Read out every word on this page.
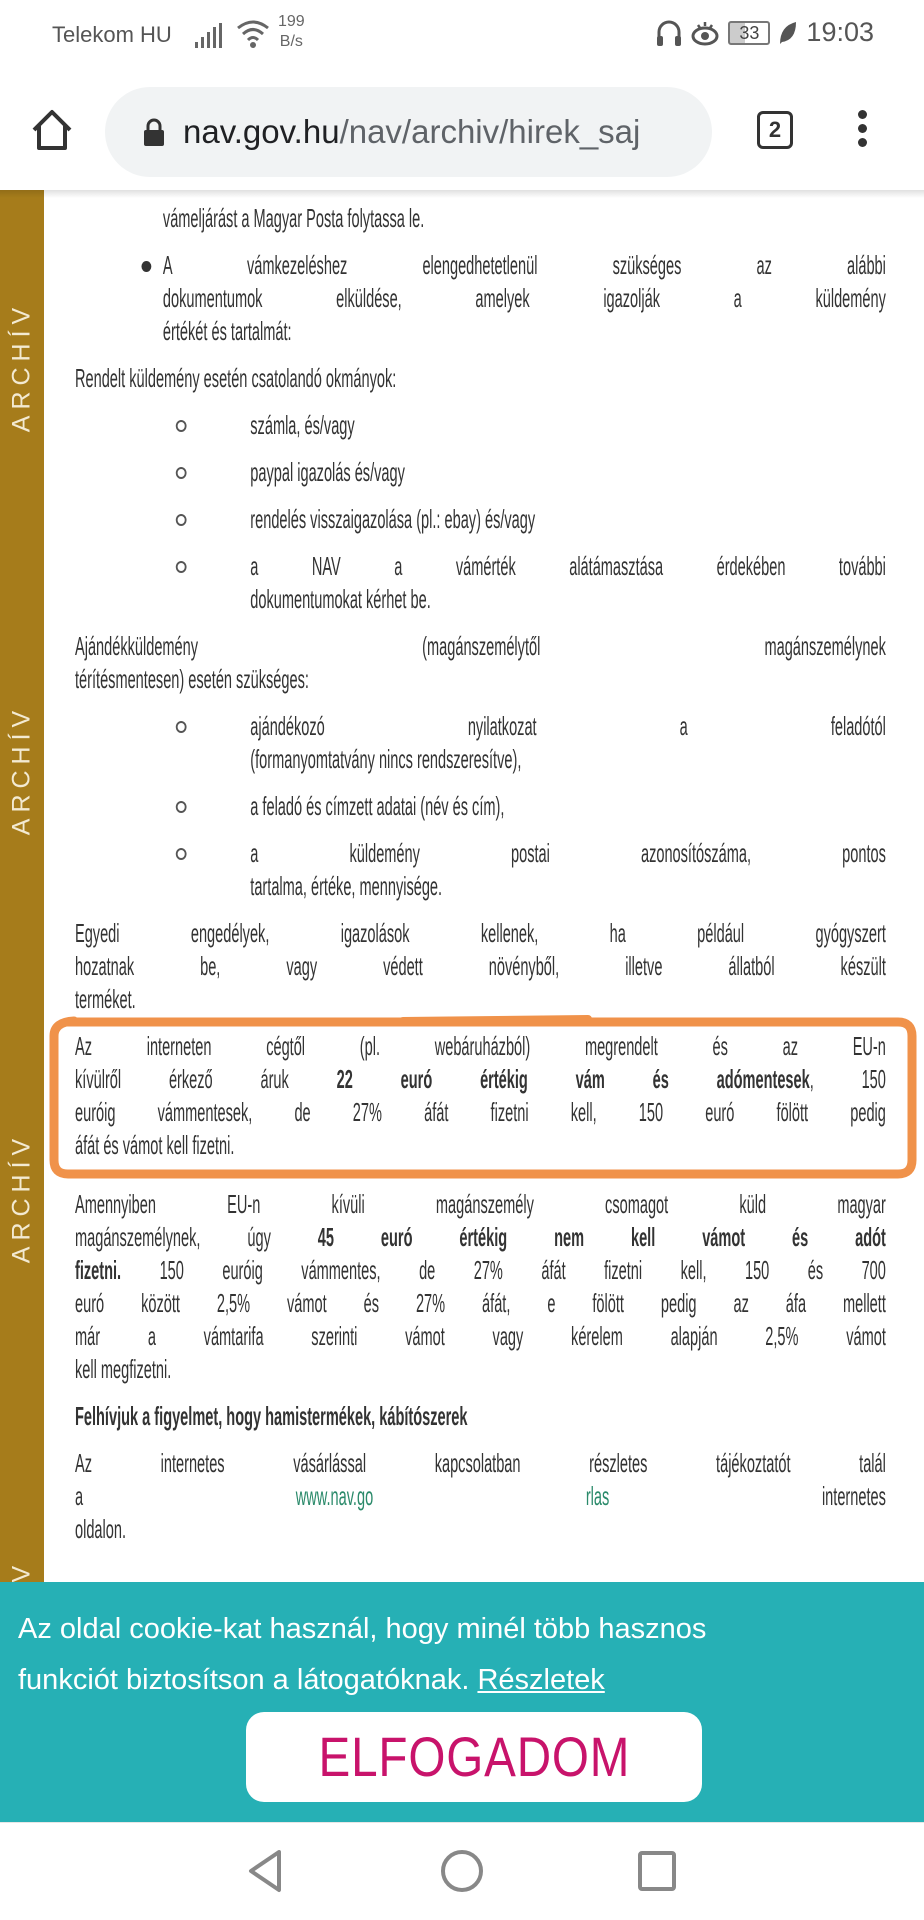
Telekom HU
199
B/s	33	19:03
nav.gov.hu /nav/archiv/hirek_saj	2
ARCHÍV
ARCHÍV
ARCHÍV
vámeljárást a Magyar Posta folytassa le.
A vámkezeléshez elengedhetetlenül szükséges az alábbi
dokumentumok elküldése, amelyek igazolják a küldemény
értékét és tartalmát:
Rendelt küldemény esetén csatolandó okmányok:
számla, és/vagy
paypal igazolás és/vagy
rendelés visszaigazolása (pl.: ebay) és/vagy
a NAV a vámérték alátámasztása érdekében további
dokumentumokat kérhet be.
Ajándékküldemény (magánszemélytől magánszemélynek
térítésmentesen) esetén szükséges:
ajándékozó nyilatkozat a feladótól
(formanyomtatvány nincs rendszeresítve),
a feladó és címzett adatai (név és cím),
a küldemény postai azonosítószáma, pontos
tartalma, értéke, mennyisége.
Egyedi engedélyek, igazolások kellenek, ha például gyógyszert
hozatnak be, vagy védett növényből, illetve állatból készült
terméket.
Az interneten cégtől (pl. webáruházból) megrendelt és az EU-n
kívülről érkező áruk 22 euró értékig vám és adómentesek, 150
euróig vámmentesek, de 27% áfát fizetni kell, 150 euró fölött pedig
áfát és vámot kell fizetni.
Amennyiben EU-n kívüli magánszemély csomagot küld magyar
magánszemélynek, úgy 45 euró értékig nem kell vámot és adót
fizetni. 150 euróig vámmentes, de 27% áfát fizetni kell, 150 és 700
euró között 2,5% vámot és 27% áfát, e fölött pedig az áfa mellett
már a vámtarifa szerinti vámot vagy kérelem alapján 2,5% vámot
kell megfizetni.
Felhívjuk a figyelmet, hogy hamistermékek, kábítószerek
Az internetes vásárlással kapcsolatban részletes tájékoztatót talál
a www.nav.go	rlas internetes
oldalon.
Az oldal cookie-kat használ, hogy minél több hasznos
funkciót biztosítson a látogatóknak. Részletek
ELFOGADOM
